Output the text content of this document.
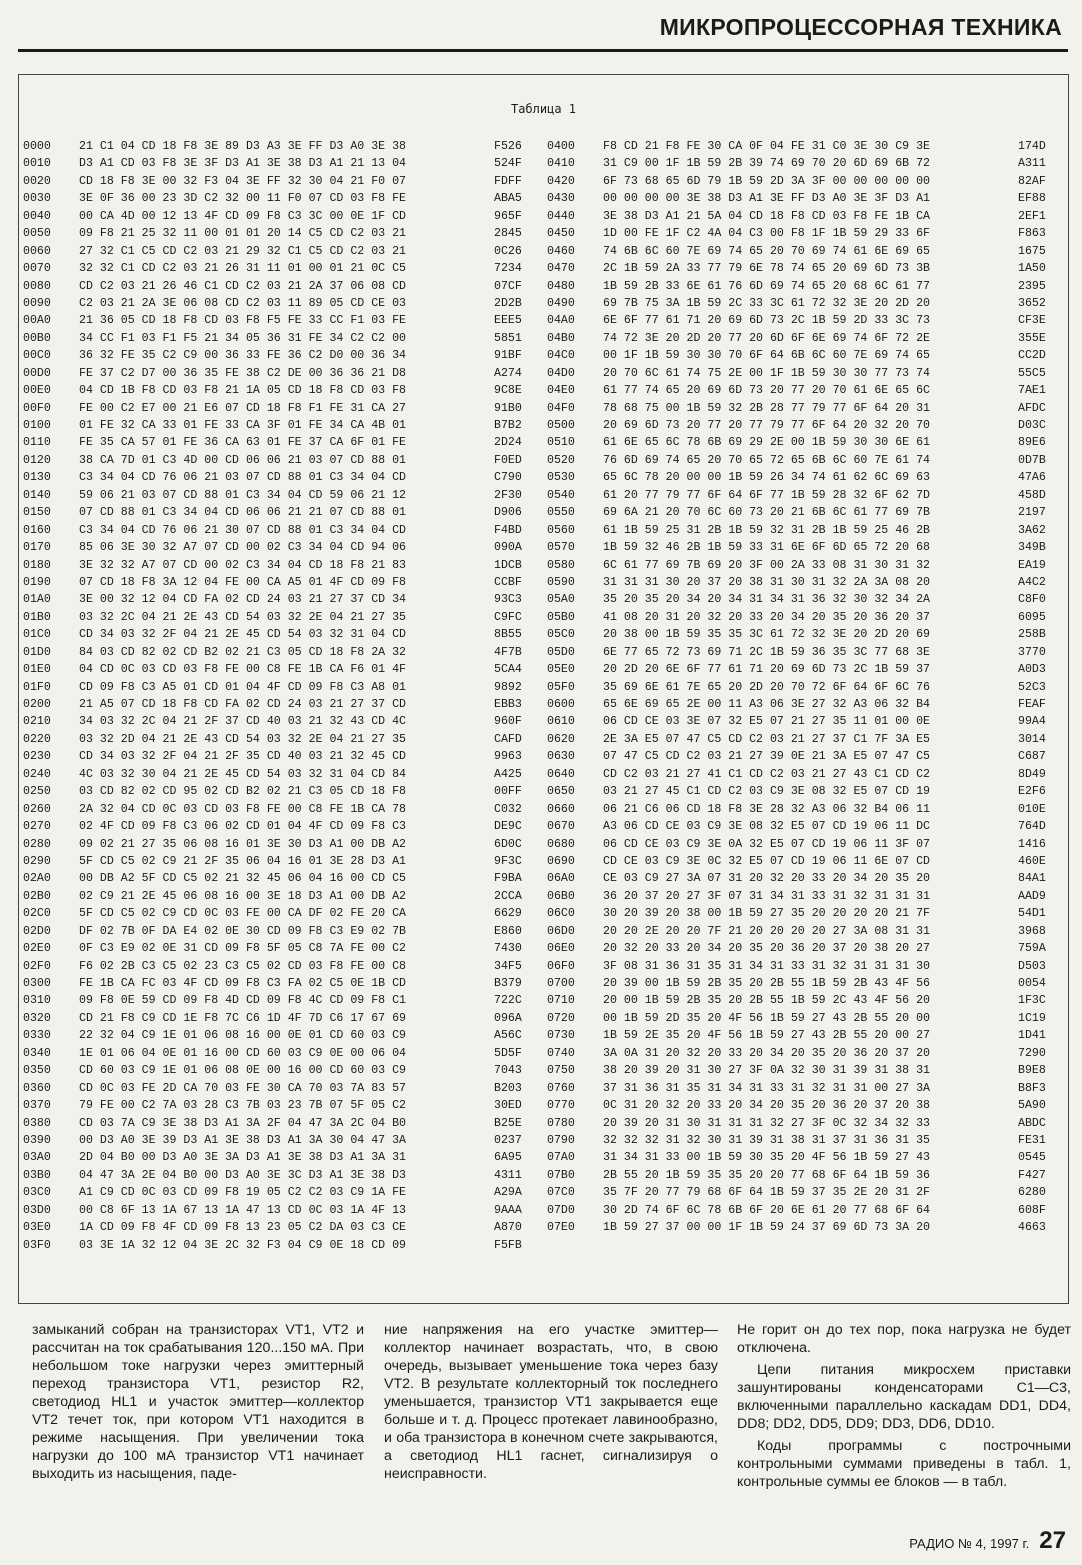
МИКРОПРОЦЕССОРНАЯ ТЕХНИКА
Таблица 1
0000 21 C1 04 CD 18 F8 3E 89 D3 A3 3E FF D3 A0 3E 38	F526
0010 D3 A1 CD 03 F8 3E 3F D3 A1 3E 38 D3 A1 21 13 04	524F
0020 CD 18 F8 3E 00 32 F3 04 3E FF 32 30 04 21 F0 07	FDFF
0030 3E 0F 36 00 23 3D C2 32 00 11 F0 07 CD 03 F8 FE	ABA5
0040 00 CA 4D 00 12 13 4F CD 09 F8 C3 3C 00 0E 1F CD	965F
0050 09 F8 21 25 32 11 00 01 01 20 14 C5 CD C2 03 21	2845
0060 27 32 C1 C5 CD C2 03 21 29 32 C1 C5 CD C2 03 21	0C26
0070 32 32 C1 CD C2 03 21 26 31 11 01 00 01 21 0C C5	7234
0080 CD C2 03 21 26 46 C1 CD C2 03 21 2A 37 06 08 CD	07CF
0090 C2 03 21 2A 3E 06 08 CD C2 03 11 89 05 CD CE 03	2D2B
00A0 21 36 05 CD 18 F8 CD 03 F8 F5 FE 33 CC F1 03 FE	EEE5
00B0 34 CC F1 03 F1 F5 21 34 05 36 31 FE 34 C2 C2 00	5851
00C0 36 32 FE 35 C2 C9 00 36 33 FE 36 C2 D0 00 36 34	91BF
00D0 FE 37 C2 D7 00 36 35 FE 38 C2 DE 00 36 36 21 D8	A274
00E0 04 CD 1B F8 CD 03 F8 21 1A 05 CD 18 F8 CD 03 F8	9C8E
00F0 FE 00 C2 E7 00 21 E6 07 CD 18 F8 F1 FE 31 CA 27	91B0
0100 01 FE 32 CA 33 01 FE 33 CA 3F 01 FE 34 CA 4B 01	B7B2
0110 FE 35 CA 57 01 FE 36 CA 63 01 FE 37 CA 6F 01 FE	2D24
0120 38 CA 7D 01 C3 4D 00 CD 06 06 21 03 07 CD 88 01	F0ED
0130 C3 34 04 CD 76 06 21 03 07 CD 88 01 C3 34 04 CD	C790
0140 59 06 21 03 07 CD 88 01 C3 34 04 CD 59 06 21 12	2F30
0150 07 CD 88 01 C3 34 04 CD 06 06 21 21 07 CD 88 01	D906
0160 C3 34 04 CD 76 06 21 30 07 CD 88 01 C3 34 04 CD	F4BD
0170 85 06 3E 30 32 A7 07 CD 00 02 C3 34 04 CD 94 06	090A
0180 3E 32 32 A7 07 CD 00 02 C3 34 04 CD 18 F8 21 83	1DCB
0190 07 CD 18 F8 3A 12 04 FE 00 CA A5 01 4F CD 09 F8	CCBF
01A0 3E 00 32 12 04 CD FA 02 CD 24 03 21 27 37 CD 34	93C3
01B0 03 32 2C 04 21 2E 43 CD 54 03 32 2E 04 21 27 35	C9FC
01C0 CD 34 03 32 2F 04 21 2E 45 CD 54 03 32 31 04 CD	8B55
01D0 84 03 CD 82 02 CD B2 02 21 C3 05 CD 18 F8 2A 32	4F7B
01E0 04 CD 0C 03 CD 03 F8 FE 00 C8 FE 1B CA F6 01 4F	5CA4
01F0 CD 09 F8 C3 A5 01 CD 01 04 4F CD 09 F8 C3 A8 01	9892
0200 21 A5 07 CD 18 F8 CD FA 02 CD 24 03 21 27 37 CD	EBB3
0210 34 03 32 2C 04 21 2F 37 CD 40 03 21 32 43 CD 4C	960F
0220 03 32 2D 04 21 2E 43 CD 54 03 32 2E 04 21 27 35	CAFD
0230 CD 34 03 32 2F 04 21 2F 35 CD 40 03 21 32 45 CD	9963
0240 4C 03 32 30 04 21 2E 45 CD 54 03 32 31 04 CD 84	A425
0250 03 CD 82 02 CD 95 02 CD B2 02 21 C3 05 CD 18 F8	00FF
0260 2A 32 04 CD 0C 03 CD 03 F8 FE 00 C8 FE 1B CA 78	C032
0270 02 4F CD 09 F8 C3 06 02 CD 01 04 4F CD 09 F8 C3	DE9C
0280 09 02 21 27 35 06 08 16 01 3E 30 D3 A1 00 DB A2	6D0C
0290 5F CD C5 02 C9 21 2F 35 06 04 16 01 3E 28 D3 A1	9F3C
02A0 00 DB A2 5F CD C5 02 21 32 45 06 04 16 00 CD C5	F9BA
02B0 02 C9 21 2E 45 06 08 16 00 3E 18 D3 A1 00 DB A2	2CCA
02C0 5F CD C5 02 C9 CD 0C 03 FE 00 CA DF 02 FE 20 CA	6629
02D0 DF 02 7B 0F DA E4 02 0E 30 CD 09 F8 C3 E9 02 7B	E860
02E0 0F C3 E9 02 0E 31 CD 09 F8 5F 05 C8 7A FE 00 C2	7430
02F0 F6 02 2B C3 C5 02 23 C3 C5 02 CD 03 F8 FE 00 C8	34F5
0300 FE 1B CA FC 03 4F CD 09 F8 C3 FA 02 C5 0E 1B CD	B379
0310 09 F8 0E 59 CD 09 F8 4D CD 09 F8 4C CD 09 F8 C1	722C
0320 CD 21 F8 C9 CD 1E F8 7C C6 1D 4F 7D C6 17 67 69	096A
0330 22 32 04 C9 1E 01 06 08 16 00 0E 01 CD 60 03 C9	A56C
0340 1E 01 06 04 0E 01 16 00 CD 60 03 C9 0E 00 06 04	5D5F
0350 CD 60 03 C9 1E 01 06 08 0E 00 16 00 CD 60 03 C9	7043
0360 CD 0C 03 FE 2D CA 70 03 FE 30 CA 70 03 7A 83 57	B203
0370 79 FE 00 C2 7A 03 28 C3 7B 03 23 7B 07 5F 05 C2	30ED
0380 CD 03 7A C9 3E 38 D3 A1 3A 2F 04 47 3A 2C 04 B0	B25E
0390 00 D3 A0 3E 39 D3 A1 3E 38 D3 A1 3A 30 04 47 3A	0237
03A0 2D 04 B0 00 D3 A0 3E 3A D3 A1 3E 38 D3 A1 3A 31	6A95
03B0 04 47 3A 2E 04 B0 00 D3 A0 3E 3C D3 A1 3E 38 D3	4311
03C0 A1 C9 CD 0C 03 CD 09 F8 19 05 C2 C2 03 C9 1A FE	A29A
03D0 00 C8 6F 13 1A 67 13 1A 47 13 CD 0C 03 1A 4F 13	9AAA
03E0 1A CD 09 F8 4F CD 09 F8 13 23 05 C2 DA 03 C3 CE	A870
03F0 03 3E 1A 32 12 04 3E 2C 32 F3 04 C9 0E 18 CD 09	F5FB
0400 F8 CD 21 F8 FE 30 CA 0F 04 FE 31 C0 3E 30 C9 3E	174D
0410 31 C9 00 1F 1B 59 2B 39 74 69 70 20 6D 69 6B 72	A311
0420 6F 73 68 65 6D 79 1B 59 2D 3A 3F 00 00 00 00 00	82AF
0430 00 00 00 00 3E 38 D3 A1 3E FF D3 A0 3E 3F D3 A1	EF88
0440 3E 38 D3 A1 21 5A 04 CD 18 F8 CD 03 F8 FE 1B CA	2EF1
0450 1D 00 FE 1F C2 4A 04 C3 00 F8 1F 1B 59 29 33 6F	F863
0460 74 6B 6C 60 7E 69 74 65 20 70 69 74 61 6E 69 65	1675
0470 2C 1B 59 2A 33 77 79 6E 78 74 65 20 69 6D 73 3B	1A50
0480 1B 59 2B 33 6E 61 76 6D 69 74 65 20 68 6C 61 77	2395
0490 69 7B 75 3A 1B 59 2C 33 3C 61 72 32 3E 20 2D 20	3652
04A0 6E 6F 77 61 71 20 69 6D 73 2C 1B 59 2D 33 3C 73	CF3E
04B0 74 72 3E 20 2D 20 77 20 6D 6F 6E 69 74 6F 72 2E	355E
04C0 00 1F 1B 59 30 30 70 6F 64 6B 6C 60 7E 69 74 65	CC2D
04D0 20 70 6C 61 74 75 2E 00 1F 1B 59 30 30 77 73 74	55C5
04E0 61 77 74 65 20 69 6D 73 20 77 20 70 61 6E 65 6C	7AE1
04F0 78 68 75 00 1B 59 32 2B 28 77 79 77 6F 64 20 31	AFDC
0500 20 69 6D 73 20 77 20 77 79 77 6F 64 20 32 20 70	D03C
0510 61 6E 65 6C 78 6B 69 29 2E 00 1B 59 30 30 6E 61	89E6
0520 76 6D 69 74 65 20 70 65 72 65 6B 6C 60 7E 61 74	0D7B
0530 65 6C 78 20 00 00 1B 59 26 34 74 61 62 6C 69 63	47A6
0540 61 20 77 79 77 6F 64 6F 77 1B 59 28 32 6F 62 7D	458D
0550 69 6A 21 20 70 6C 60 73 20 21 6B 6C 61 77 69 7B	2197
0560 61 1B 59 25 31 2B 1B 59 32 31 2B 1B 59 25 46 2B	3A62
0570 1B 59 32 46 2B 1B 59 33 31 6E 6F 6D 65 72 20 68	349B
0580 6C 61 77 69 7B 69 20 3F 00 2A 33 08 31 30 31 32	EA19
0590 31 31 31 30 20 37 20 38 31 30 31 32 2A 3A 08 20	A4C2
05A0 35 20 35 20 34 20 34 31 34 31 36 32 30 32 34 2A	C8F0
05B0 41 08 20 31 20 32 20 33 20 34 20 35 20 36 20 37	6095
05C0 20 38 00 1B 59 35 35 3C 61 72 32 3E 20 2D 20 69	258B
05D0 6E 77 65 72 73 69 71 2C 1B 59 36 35 3C 77 68 3E	3770
05E0 20 2D 20 6E 6F 77 61 71 20 69 6D 73 2C 1B 59 37	A0D3
05F0 35 69 6E 61 7E 65 20 2D 20 70 72 6F 64 6F 6C 76	52C3
0600 65 6E 69 65 2E 00 11 A3 06 3E 27 32 A3 06 32 B4	FEAF
0610 06 CD CE 03 3E 07 32 E5 07 21 27 35 11 01 00 0E	99A4
0620 2E 3A E5 07 47 C5 CD C2 03 21 27 37 C1 7F 3A E5	3014
0630 07 47 C5 CD C2 03 21 27 39 0E 21 3A E5 07 47 C5	C687
0640 CD C2 03 21 27 41 C1 CD C2 03 21 27 43 C1 CD C2	8D49
0650 03 21 27 45 C1 CD C2 03 C9 3E 08 32 E5 07 CD 19	E2F6
0660 06 21 C6 06 CD 18 F8 3E 28 32 A3 06 32 B4 06 11	010E
0670 A3 06 CD CE 03 C9 3E 08 32 E5 07 CD 19 06 11 DC	764D
0680 06 CD CE 03 C9 3E 0A 32 E5 07 CD 19 06 11 3F 07	1416
0690 CD CE 03 C9 3E 0C 32 E5 07 CD 19 06 11 6E 07 CD	460E
06A0 CE 03 C9 27 3A 07 31 20 32 20 33 20 34 20 35 20	84A1
06B0 36 20 37 20 27 3F 07 31 34 31 33 31 32 31 31 31	AAD9
06C0 30 20 39 20 38 00 1B 59 27 35 20 20 20 20 21 7F	54D1
06D0 20 20 2E 20 20 7F 21 20 20 20 20 27 3A 08 31 31	3968
06E0 20 32 20 33 20 34 20 35 20 36 20 37 20 38 20 27	759A
06F0 3F 08 31 36 31 35 31 34 31 33 31 32 31 31 31 30	D503
0700 20 39 00 1B 59 2B 35 20 2B 55 1B 59 2B 43 4F 56	0054
0710 20 00 1B 59 2B 35 20 2B 55 1B 59 2C 43 4F 56 20	1F3C
0720 00 1B 59 2D 35 20 4F 56 1B 59 27 43 2B 55 20 00	1C19
0730 1B 59 2E 35 20 4F 56 1B 59 27 43 2B 55 20 00 27	1D41
0740 3A 0A 31 20 32 20 33 20 34 20 35 20 36 20 37 20	7290
0750 38 20 39 20 31 30 27 3F 0A 32 30 31 39 31 38 31	B9E8
0760 37 31 36 31 35 31 34 31 33 31 32 31 31 00 27 3A	B8F3
0770 0C 31 20 32 20 33 20 34 20 35 20 36 20 37 20 38	5A90
0780 20 39 20 31 30 31 31 31 32 27 3F 0C 32 34 32 33	ABDC
0790 32 32 32 31 32 30 31 39 31 38 31 37 31 36 31 35	FE31
07A0 31 34 31 33 00 1B 59 30 35 20 4F 56 1B 59 27 43	0545
07B0 2B 55 20 1B 59 35 35 20 20 77 68 6F 64 1B 59 36	F427
07C0 35 7F 20 77 79 68 6F 64 1B 59 37 35 2E 20 31 2F	6280
07D0 30 2D 74 6F 6C 78 6B 6F 20 6E 61 20 77 68 6F 64	608F
07E0 1B 59 27 37 00 00 1F 1B 59 24 37 69 6D 73 3A 20	4663

замыканий собран на транзисторах VT1, VT2 и рассчитан на ток срабатывания 120...150 мА. При небольшом токе нагрузки через эмиттерный переход транзистора VT1, резистор R2, светодиод HL1 и участок эмиттер—коллектор VT2 течет ток, при котором VT1 находится в режиме насыщения. При увеличении тока нагрузки до 100 мА транзистор VT1 начинает выходить из насыщения, паде-

ние напряжения на его участке эмиттер—коллектор начинает возрастать, что, в свою очередь, вызывает уменьшение тока через базу VT2. В результате коллекторный ток последнего уменьшается, транзистор VT1 закрывается еще больше и т. д. Процесс протекает лавинообразно, и оба транзистора в конечном счете закрываются, а светодиод HL1 гаснет, сигнализируя о неисправности.

Не горит он до тех пор, пока нагрузка не будет отключена.

Цепи питания микросхем приставки зашунтированы конденсаторами С1—С3, включенными параллельно каскадам DD1, DD4, DD8; DD2, DD5, DD9; DD3, DD6, DD10.

Коды программы с построчными контрольными суммами приведены в табл. 1, контрольные суммы ее блоков — в табл.

РАДИО № 4, 1997 г. 27
